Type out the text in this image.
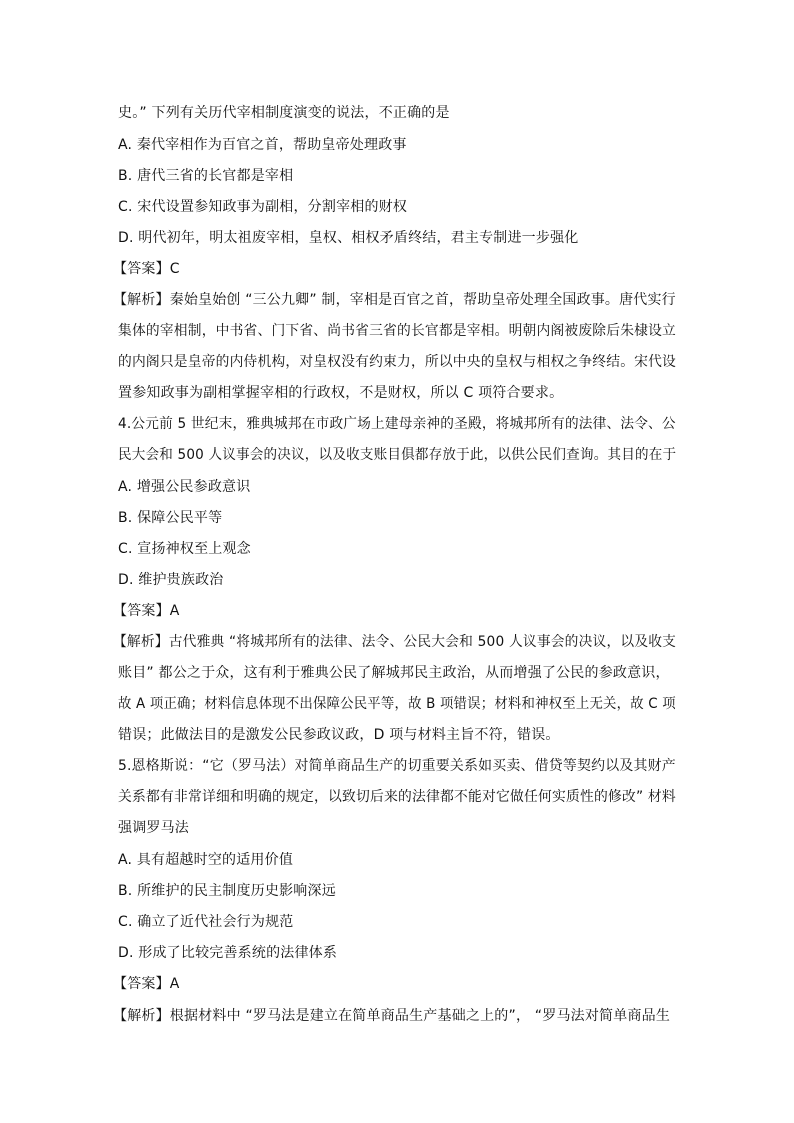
史。” 下列有关历代宰相制度演变的说法，不正确的是
A. 秦代宰相作为百官之首，帮助皇帝处理政事
B. 唐代三省的长官都是宰相
C. 宋代设置参知政事为副相，分割宰相的财权
D. 明代初年，明太祖废宰相，皇权、相权矛盾终结，君主专制进一步强化
【答案】C
【解析】秦始皇始创 “三公九卿” 制，宰相是百官之首，帮助皇帝处理全国政事。唐代实行
集体的宰相制，中书省、门下省、尚书省三省的长官都是宰相。明朝内阁被废除后朱棣设立
的内阁只是皇帝的内侍机构，对皇权没有约束力，所以中央的皇权与相权之争终结。宋代设
置参知政事为副相掌握宰相的行政权，不是财权，所以 C 项符合要求。
4.公元前 5 世纪末，雅典城邦在市政广场上建母亲神的圣殿，将城邦所有的法律、法令、公
民大会和 500 人议事会的决议，以及收支账目俱都存放于此，以供公民们查询。其目的在于
A. 增强公民参政意识
B. 保障公民平等
C. 宣扬神权至上观念
D. 维护贵族政治
【答案】A
【解析】古代雅典 “将城邦所有的法律、法令、公民大会和 500 人议事会的决议，以及收支
账目” 都公之于众，这有利于雅典公民了解城邦民主政治，从而增强了公民的参政意识，
故 A 项正确；材料信息体现不出保障公民平等，故 B 项错误；材料和神权至上无关，故 C 项
错误；此做法目的是激发公民参政议政，D 项与材料主旨不符，错误。
5.恩格斯说：“它（罗马法）对简单商品生产的切重要关系如买卖、借贷等契约以及其财产
关系都有非常详细和明确的规定，以致切后来的法律都不能对它做任何实质性的修改” 材料
强调罗马法
A. 具有超越时空的适用价值
B. 所维护的民主制度历史影响深远
C. 确立了近代社会行为规范
D. 形成了比较完善系统的法律体系
【答案】A
【解析】根据材料中 “罗马法是建立在简单商品生产基础之上的”， “罗马法对简单商品生
